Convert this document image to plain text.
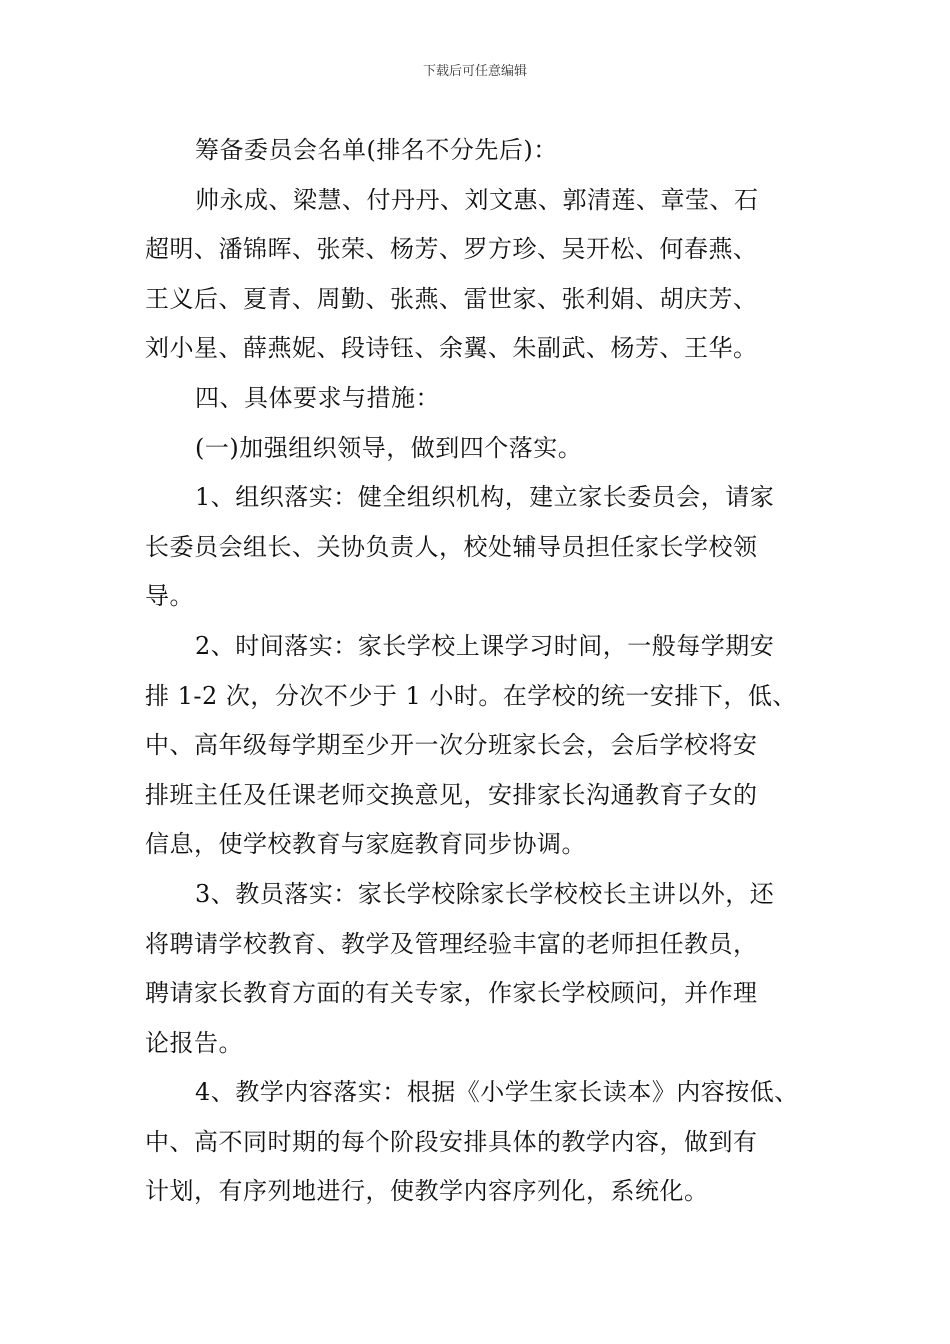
下载后可任意编辑

筹备委员会名单(排名不分先后)：

帅永成、梁慧、付丹丹、刘文惠、郭清莲、章莹、石
超明、潘锦晖、张荣、杨芳、罗方珍、吴开松、何春燕、
王义后、夏青、周勤、张燕、雷世家、张利娟、胡庆芳、
刘小星、薛燕妮、段诗钰、余翼、朱副武、杨芳、王华。

四、具体要求与措施：

(一)加强组织领导，做到四个落实。

1、组织落实：健全组织机构，建立家长委员会，请家
长委员会组长、关协负责人，校处辅导员担任家长学校领
导。

2、时间落实：家长学校上课学习时间，一般每学期安
排 1-2 次，分次不少于 1 小时。在学校的统一安排下，低、
中、高年级每学期至少开一次分班家长会，会后学校将安
排班主任及任课老师交换意见，安排家长沟通教育子女的
信息，使学校教育与家庭教育同步协调。

3、教员落实：家长学校除家长学校校长主讲以外，还
将聘请学校教育、教学及管理经验丰富的老师担任教员，
聘请家长教育方面的有关专家，作家长学校顾问，并作理
论报告。

4、教学内容落实：根据《小学生家长读本》内容按低、
中、高不同时期的每个阶段安排具体的教学内容，做到有
计划，有序列地进行，使教学内容序列化，系统化。
